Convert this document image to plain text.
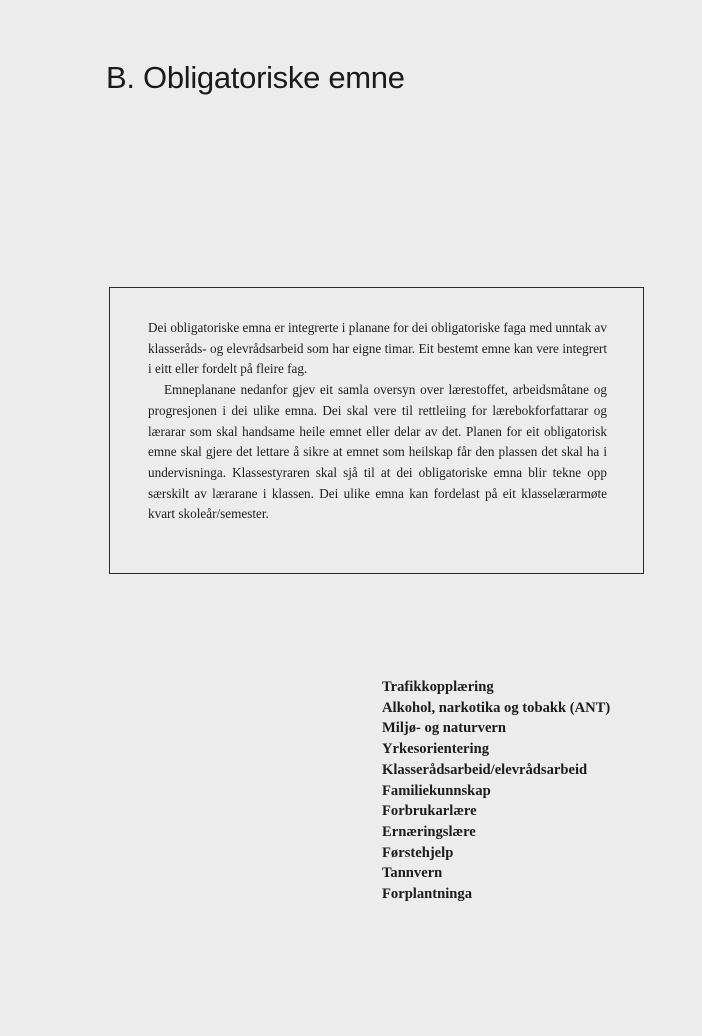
B. Obligatoriske emne

Dei obligatoriske emna er integrerte i planane for dei obligatoriske faga med unntak av klasseråds- og elevrådsarbeid som har eigne timar. Eit bestemt emne kan vere integrert i eitt eller fordelt på fleire fag.

Emneplanane nedanfor gjev eit samla oversyn over lærestoffet, arbeidsmåtane og progresjonen i dei ulike emna. Dei skal vere til rettleiing for lærebokforfattarar og lærarar som skal handsame heile emnet eller delar av det. Planen for eit obligatorisk emne skal gjere det lettare å sikre at emnet som heilskap får den plassen det skal ha i undervisninga. Klassestyraren skal sjå til at dei obligatoriske emna blir tekne opp særskilt av lærarane i klassen. Dei ulike emna kan fordelast på eit klasselærarmøte kvart skoleår/semester.

Trafikkopplæring
Alkohol, narkotika og tobakk (ANT)
Miljø- og naturvern
Yrkesorientering
Klasserådsarbeid/elevrådsarbeid
Familiekunnskap
Forbrukarlære
Ernæringslære
Førstehjelp
Tannvern
Forplantninga
